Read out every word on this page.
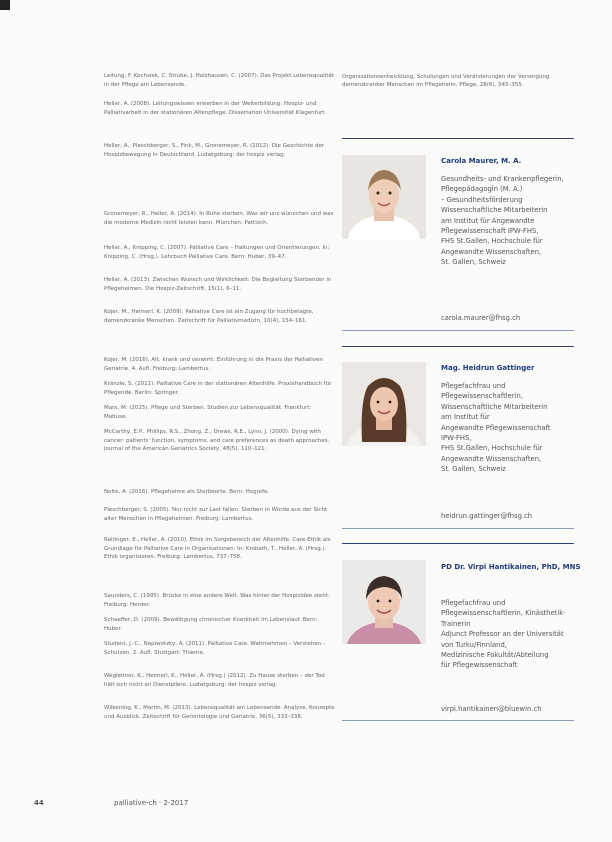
Leitung, F. Kochsiek, C. Strube, J. Holzhausen, C. (2007). Das Projekt Lebensqualität in der Pflege am Lebensende.

Heller, A. (2008). Leitungswissen erwerben in der Weiterbildung: Hospiz- und Palliativarbeit in der stationären Altenpflege. Dissertation Universität Klagenfurt.

Heller, A., Pleschberger, S., Fink, M., Gronemeyer, R. (2012). Die Geschichte der Hospizbewegung in Deutschland. Ludwigsburg: der hospiz verlag.

Gronemeyer, R., Heller, A. (2014). In Ruhe sterben. Was wir uns wünschen und was die moderne Medizin nicht leisten kann. München: Pattloch.

Heller, A., Knipping, C. (2007). Palliative Care – Haltungen und Orientierungen. In: Knipping, C. (Hrsg.). Lehrbuch Palliative Care. Bern: Huber, 39–47.

Heller, A. (2013). Zwischen Wunsch und Wirklichkeit: Die Begleitung Sterbender in Pflegeheimen. Die Hospiz-Zeitschrift, 15(1), 6–11.

Kojer, M., Heimerl, K. (2009). Palliative Care ist ein Zugang für hochbetagte, demenzkranke Menschen. Zeitschrift für Palliativmedizin, 10(4), 154–161.

Kojer, M. (2016). Alt, krank und verwirrt. Einführung in die Praxis der Palliativen Geriatrie. 4. Aufl. Freiburg: Lambertus.

Kränzle, S. (2011). Palliative Care in der stationären Altenhilfe. Praxishandbuch für Pflegende. Berlin: Springer.

Marx, M. (2015). Pflege und Sterben. Studien zur Lebensqualität. Frankfurt: Mabuse.

McCarthy, E.P., Phillips, R.S., Zhong, Z., Drews, R.E., Lynn, J. (2000). Dying with cancer: patients' function, symptoms, and care preferences as death approaches. Journal of the American Geriatrics Society, 48(5), 110–121.

Nolte, A. (2016). Pflegeheime als Sterbeorte. Bern: Hogrefe.

Pleschberger, S. (2005). Nur nicht zur Last fallen. Sterben in Würde aus der Sicht alter Menschen in Pflegeheimen. Freiburg: Lambertus.

Reitinger, E., Heller, A. (2010). Ethik im Sorgebereich der Altenhilfe. Care-Ethik als Grundlage für Palliative Care in Organisationen. In: Krobath, T., Heller, A. (Hrsg.). Ethik organisieren. Freiburg: Lambertus, 737–758.

Saunders, C. (1995). Brücke in eine andere Welt. Was hinter der Hospizidee steht. Freiburg: Herder.

Schaeffer, D. (2009). Bewältigung chronischer Krankheit im Lebenslauf. Bern: Huber.

Student, J.-C., Napiwotzky, A. (2011). Palliative Care. Wahrnehmen – Verstehen – Schützen. 2. Aufl. Stuttgart: Thieme.

Wegleitner, K., Heimerl, K., Heller, A. (Hrsg.) (2012). Zu Hause sterben – der Tod hält sich nicht an Dienstpläne. Ludwigsburg: der hospiz verlag.

Wilkening, K., Martin, M. (2013). Lebensqualität am Lebensende. Analyse, Konzepte und Ausblick. Zeitschrift für Gerontologie und Geriatrie, 36(5), 333–338.

Organisationsentwicklung, Schulungen und Veränderungen der Versorgung demenzkranker Menschen im Pflegeheim. Pflege, 28(6), 345–355.
Carola Maurer, M. A.
Gesundheits- und Krankenpflegerin, Pflegepädagogin (M. A.)
– Gesundheitsförderung
Wissenschaftliche Mitarbeiterin
am Institut für Angewandte
Pflegewissenschaft IPW-FHS,
FHS St.Gallen, Hochschule für
Angewandte Wissenschaften,
St. Gallen, Schweiz
carola.maurer@fhsg.ch
Mag. Heidrun Gattinger
Pflegefachfrau und Pflegewissenschaftlerin,
Wissenschaftliche Mitarbeiterin
am Institut für
Angewandte Pflegewissenschaft
IPW-FHS,
FHS St.Gallen, Hochschule für
Angewandte Wissenschaften,
St. Gallen, Schweiz
heidrun.gattinger@fhsg.ch
PD Dr. Virpi Hantikainen, PhD, MNS
Pflegefachfrau und Pflegewissenschaftlerin, Kinästhetik-
Trainerin
Adjunct Professor an der Universität von Turku/Finnland,
Medizinische Fakultät/Abteilung
für Pflegewissenschaft
virpi.hantikainen@bluewin.ch
44	palliative-ch · 2-2017
